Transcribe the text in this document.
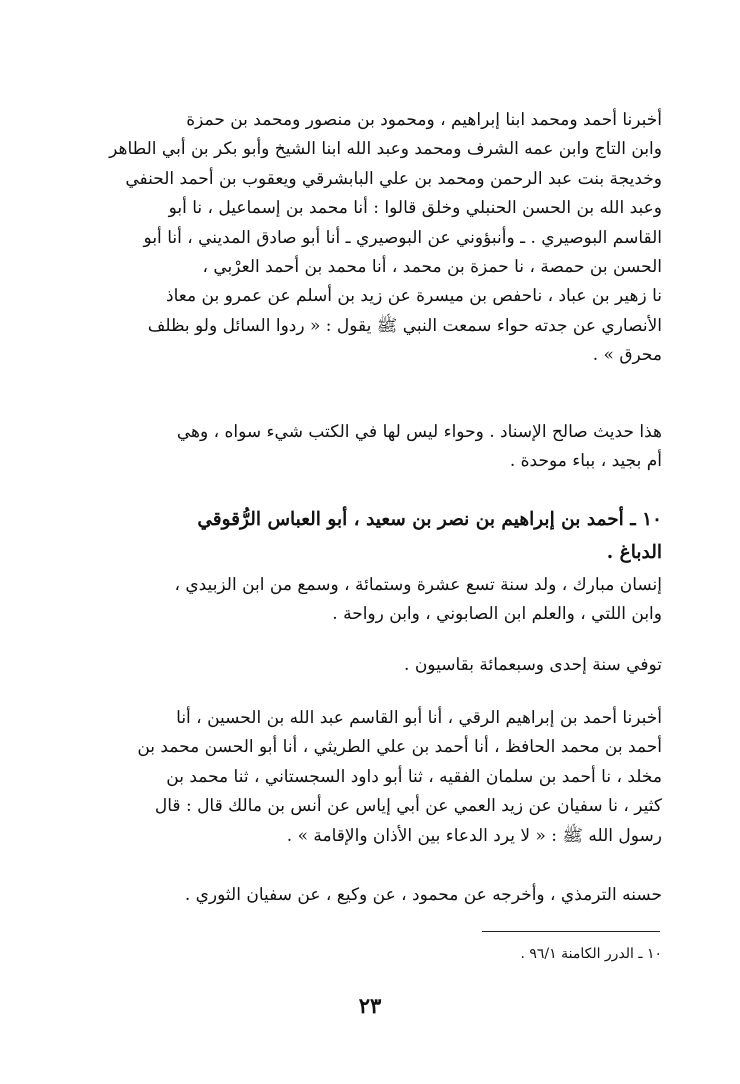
أخبرنا أحمد ومحمد ابنا إبراهيم ، ومحمود بن منصور ومحمد بن حمزة

وابن التاج وابن عمه الشرف ومحمد وعبد الله ابنا الشيخ وأبو بكر بن أبي الطاهر

وخديجة بنت عبد الرحمن ومحمد بن علي البابشرقي ويعقوب بن أحمد الحنفي

وعبد الله بن الحسن الحنبلي وخلق قالوا : أنا محمد بن إسماعيل ، نا أبو

القاسم البوصيري . ـ وأنبؤوني عن البوصيري ـ أنا أبو صادق المديني ، أنا أبو

الحسن بن حمصة ، نا حمزة بن محمد ، أنا محمد بن أحمد العرْبي ،

نا زهير بن عباد ، ناحفص بن ميسرة عن زيد بن أسلم عن عمرو بن معاذ

الأنصاري عن جدته حواء سمعت النبي ﷺ يقول : « ردوا السائل ولو بظلف

محرق » .

هذا حديث صالح الإسناد . وحواء ليس لها في الكتب شيء سواه ، وهي

أم بجيد ، بباء موحدة .

١٠ ـ أحمد بن إبراهيم بن نصر بن سعيد ، أبو العباس الرُّقوقي

الدباغ .

إنسان مبارك ، ولد سنة تسع عشرة وستمائة ، وسمع من ابن الزبيدي ،

وابن اللتي ، والعلم ابن الصابوني ، وابن رواحة .

توفي سنة إحدى وسبعمائة بقاسيون .

أخبرنا أحمد بن إبراهيم الرقي ، أنا أبو القاسم عبد الله بن الحسين ، أنا

أحمد بن محمد الحافظ ، أنا أحمد بن علي الطريثي ، أنا أبو الحسن محمد بن

مخلد ، نا أحمد بن سلمان الفقيه ، ثنا أبو داود السجستاني ، ثنا محمد بن

كثير ، نا سفيان عن زيد العمي عن أبي إياس عن أنس بن مالك قال : قال

رسول الله ﷺ : « لا يرد الدعاء بين الأذان والإقامة » .

حسنه الترمذي ، وأخرجه عن محمود ، عن وكيع ، عن سفيان الثوري .

١٠ ـ الدرر الكامنة ٩٦/١ .
٢٣
